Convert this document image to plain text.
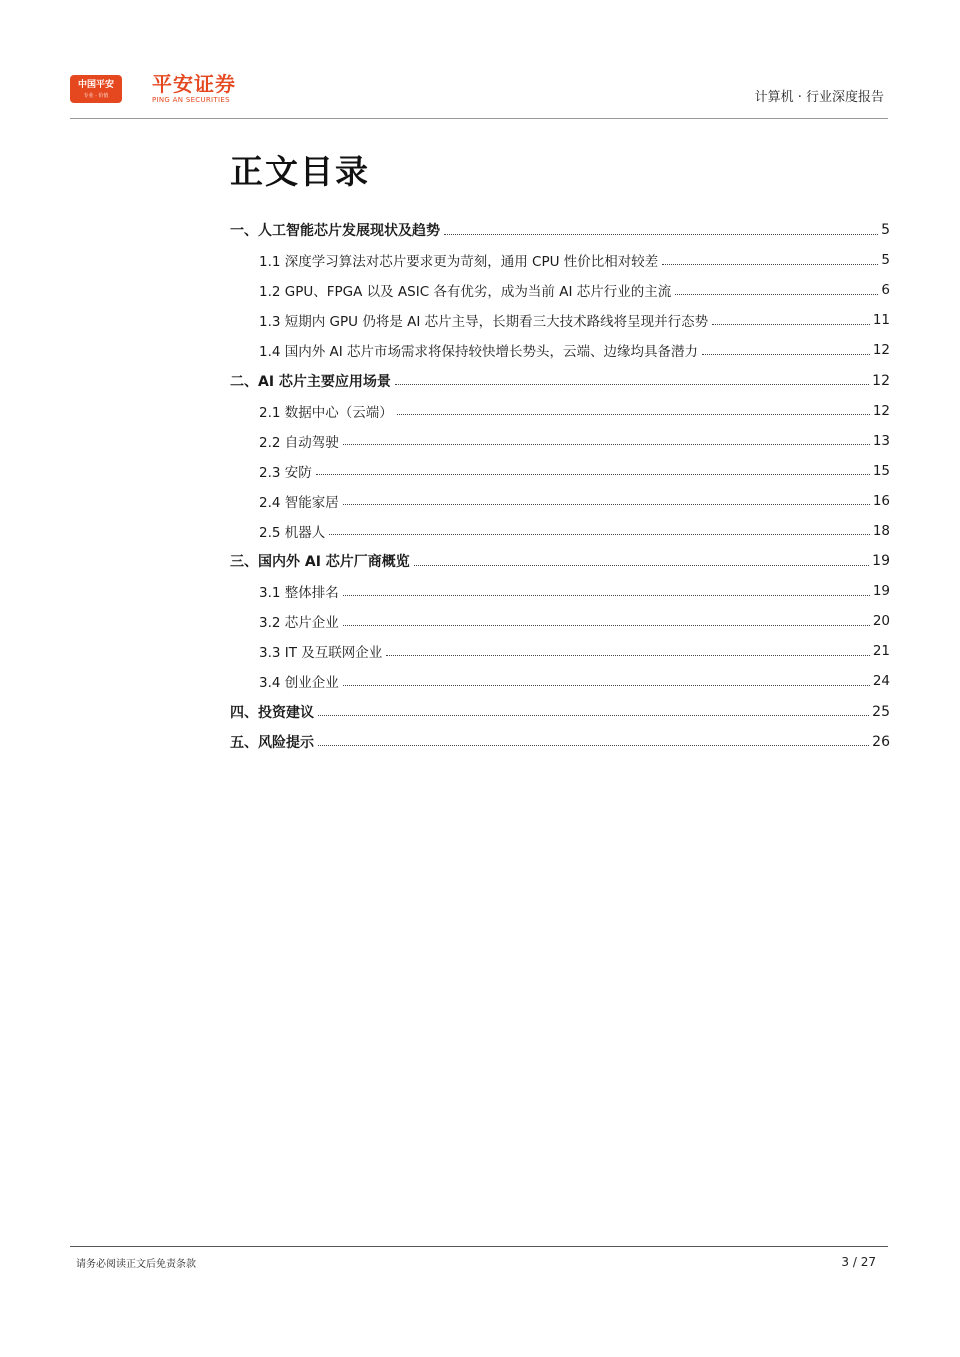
中国平安
专业 · 价值	平安证券
PING AN SECURITIES	计算机 · 行业深度报告
正文目录
一、人工智能芯片发展现状及趋势	5
1.1 深度学习算法对芯片要求更为苛刻，通用 CPU 性价比相对较差	5
1.2 GPU、FPGA 以及 ASIC 各有优劣，成为当前 AI 芯片行业的主流	6
1.3 短期内 GPU 仍将是 AI 芯片主导，长期看三大技术路线将呈现并行态势	11
1.4 国内外 AI 芯片市场需求将保持较快增长势头，云端、边缘均具备潜力	12
二、AI 芯片主要应用场景	12
2.1 数据中心（云端）	12
2.2 自动驾驶	13
2.3 安防	15
2.4 智能家居	16
2.5 机器人	18
三、国内外 AI 芯片厂商概览	19
3.1 整体排名	19
3.2 芯片企业	20
3.3 IT 及互联网企业	21
3.4 创业企业	24
四、投资建议	25
五、风险提示	26
请务必阅读正文后免责条款	3 / 27
